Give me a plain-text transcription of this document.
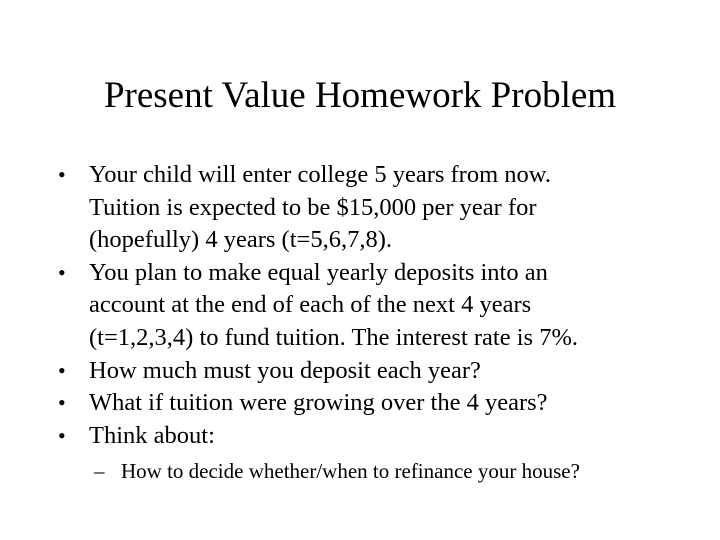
Present Value Homework Problem
• Your child will enter college 5 years from now.
Tuition is expected to be $15,000 per year for
(hopefully) 4 years (t=5,6,7,8).
• You plan to make equal yearly deposits into an
account at the end of each of the next 4 years
(t=1,2,3,4) to fund tuition. The interest rate is 7%.
• How much must you deposit each year?
• What if tuition were growing over the 4 years?
• Think about:
– How to decide whether/when to refinance your house?
